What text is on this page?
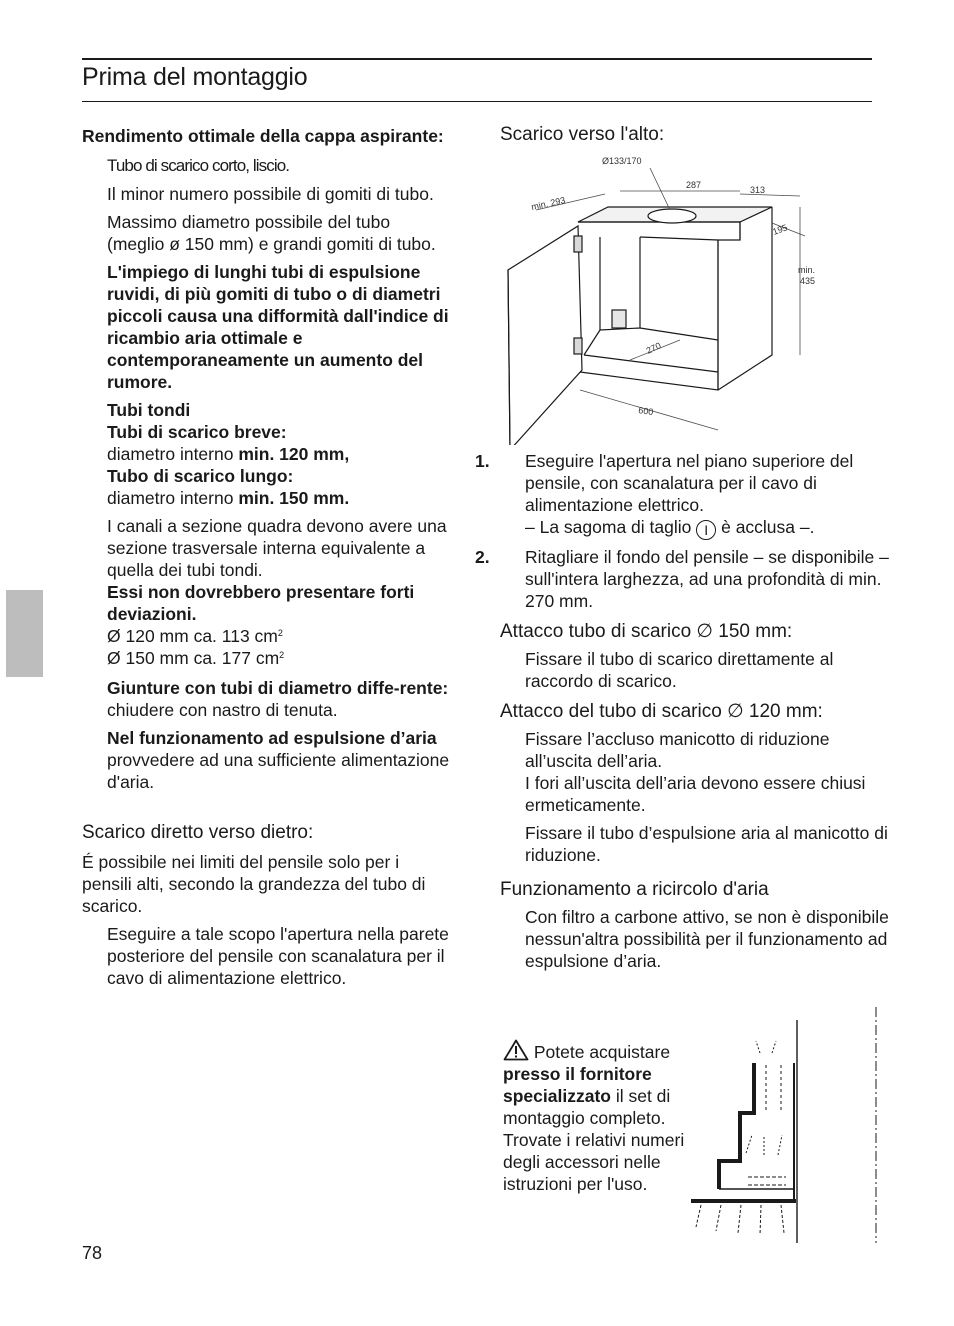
Prima del montaggio

Rendimento ottimale della cappa aspirante:

Tubo di scarico corto, liscio.

Il minor numero possibile di gomiti di tubo.

Massimo diametro possibile del tubo (meglio ø 150 mm) e grandi gomiti di tubo.

L'impiego di lunghi tubi di espulsione ruvidi, di più gomiti di tubo o di diametri piccoli causa una difformità dall'indice di ricambio aria ottimale e contemporaneamente un aumento del rumore.

Tubi tondi

Tubi di scarico breve:

diametro interno min. 120 mm,

Tubo di scarico lungo:

diametro interno min. 150 mm.

I canali a sezione quadra devono avere una sezione trasversale interna equivalente a quella dei tubi tondi.

Essi non dovrebbero presentare forti deviazioni.

Ø 120 mm ca. 113 $cm^2$

Ø 150 mm ca. 177 $cm^2$

Giunture con tubi di diametro diffe-rente: chiudere con nastro di tenuta.

Nel funzionamento ad espulsione d’aria provvedere ad una sufficiente alimentazione d'aria.

Scarico diretto verso dietro:

É possibile nei limiti del pensile solo per i pensili alti, secondo la grandezza del tubo di scarico.

Eseguire a tale scopo l'apertura nella parete posteriore del pensile con scanalatura per il cavo di alimentazione elettrico.

Scarico verso l'alto:

Ø133/170
min. 293
287	313
195
min.
435
270
600

1. Eseguire l'apertura nel piano superiore del pensile, con scanalatura per il cavo di alimentazione elettrico.

– La sagoma di taglio I è acclusa –.

2. Ritagliare il fondo del pensile – se disponibile – sull'intera larghezza, ad una profondità di min. 270 mm.

Attacco tubo di scarico ∅ 150 mm:

Fissare il tubo di scarico direttamente al raccordo di scarico.

Attacco del tubo di scarico ∅ 120 mm:

Fissare l’accluso manicotto di riduzione all’uscita dell’aria.

I fori all’uscita dell’aria devono essere chiusi ermeticamente.

Fissare il tubo d’espulsione aria al manicotto di riduzione.

Funzionamento a ricircolo d'aria

Con filtro a carbone attivo, se non è disponibile nessun'altra possibilità per il funzionamento ad espulsione d’aria.

Potete acquistare presso il fornitore specializzato il set di montaggio completo. Trovate i relativi numeri degli accessori nelle istruzioni per l'uso.

78
